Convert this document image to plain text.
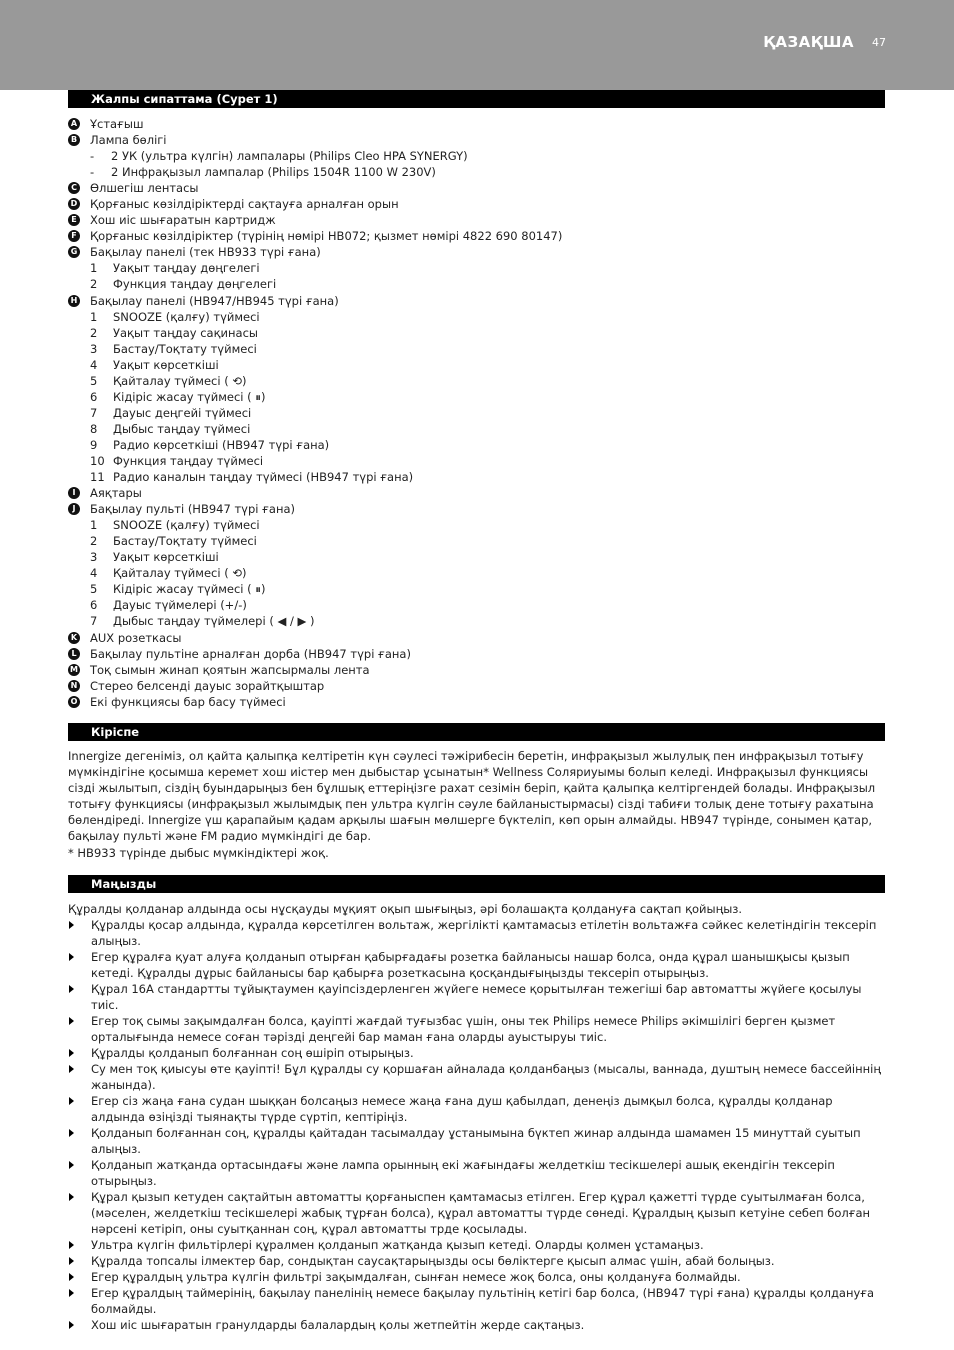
ҚАЗАҚША 47
Жалпы сипаттама (Сурет 1)
A Ұстағыш
B Лампа бөлігі
- 2 УК (ультра күлгін) лампалары (Philips Cleo HPA SYNERGY)
- 2 Инфрақызыл лампалар (Philips 1504R 1100 W 230V)
C Өлшегіш лентасы
D Қорғаныс көзілдіріктерді сақтауға арналған орын
E Хош иіс шығаратын картридж
F Қорғаныс көзілдіріктер (түрінің нөмірі HB072; қызмет нөмірі 4822 690 80147)
G Бақылау панелі (тек HB933 түрі ғана)
1 Уақыт таңдау дөңгелегі
2 Функция таңдау дөңгелегі
H Бақылау панелі (HB947/HB945 түрі ғана)
1 SNOOZE (қалғу) түймесі
2 Уақыт таңдау сақинасы
3 Бастау/Тоқтату түймесі
4 Уақыт көрсеткіші
5 Қайталау түймесі ( ⟲)
6 Кідіріс жасау түймесі ( ⏸)
7 Дауыс деңгейі түймесі
8 Дыбыс таңдау түймесі
9 Радио көрсеткіші (HB947 түрі ғана)
10 Функция таңдау түймесі
11 Радио каналын таңдау түймесі (HB947 түрі ғана)
I	Аяқтары
J	Бақылау пульті (HB947 түрі ғана)
1 SNOOZE (қалғу) түймесі
2 Бастау/Тоқтату түймесі
3 Уақыт көрсеткіші
4 Қайталау түймесі ( ⟲)
5 Кідіріс жасау түймесі ( ⏸)
6 Дауыс түймелері (+/-)
7 Дыбыс таңдау түймелері ( ◀ / ▶ )
K AUX розеткасы
L	Бақылау пультіне арналған дорба (HB947 түрі ғана)
M Тоқ сымын жинап қоятын жапсырмалы лента
N Стерео белсенді дауыс зорайтқыштар
O Екі функциясы бар басу түймесі
Кіріспе

Innergize дегеніміз, ол қайта қалыпқа келтіретін күн сәулесі тәжірибесін беретін, инфрақызыл жылулық пен инфрақызыл тотығу мүмкіндігіне қосымша керемет хош иістер мен дыбыстар ұсынатын* Wellness Соляриуымы болып келеді. Инфрақызыл функциясы сізді жылытып, сіздің буындарыңыз бен бұлшық еттеріңізге рахат сезімін беріп, қайта қалыпқа келтіргендей болады. Инфрақызыл тотығу функциясы (инфрақызыл жылымдық пен ультра күлгін сәуле байланыстырмасы) сізді табиғи толық дене тотығу рахатына бөлендіреді. Innergize үш қарапайым қадам арқылы шағын мөлшерге бүктеліп, көп орын алмайды. HB947 түрінде, сонымен қатар, бақылау пульті және FM радио мүмкіндігі де бар.

* HB933 түрінде дыбыс мүмкіндіктері жоқ.

Маңызды
Құралды қолданар алдында осы нұсқауды мұқият оқып шығыңыз, әрі болашақта қолдануға сақтап қойыңыз.
Құралды қосар алдында, құралда көрсетілген вольтаж, жергілікті қамтамасыз етілетін вольтажға сәйкес келетіндігін тексеріп алыңыз.
Егер құралға қуат алуға қолданып отырған қабырғадағы розетка байланысы нашар болса, онда құрал шанышқысы қызып кетеді. Құралды дұрыс байланысы бар қабырға розеткасына қосқандығыңызды тексеріп отырыңыз.
Құрал 16А стандартты тұйықтаумен қауіпсіздерленген жүйеге немесе қорытылған тежегіші бар автоматты жүйеге қосылуы тиіс.
Егер тоқ сымы зақымдалған болса, қауіпті жағдай туғызбас үшін, оны тек Philips немесе Philips әкімшілігі берген қызмет орталығында немесе соған тәрізді деңгейі бар маман ғана оларды ауыстыруы тиіс.
Құралды қолданып болғаннан соң өшіріп отырыңыз.
Су мен тоқ қиысуы өте қауіпті! Бұл құралды су қоршаған айналада қолданбаңыз (мысалы, ваннада, душтың немесе бассейіннің жанында).
Егер сіз жаңа ғана судан шыққан болсаңыз немесе жаңа ғана душ қабылдап, денеңіз дымқыл болса, құралды қолданар алдында өзіңізді тыянақты түрде сүртіп, кептіріңіз.
Қолданып болғаннан соң, құралды қайтадан тасымалдау ұстанымына бүктеп жинар алдында шамамен 15 минуттай суытып алыңыз.
Қолданып жатқанда ортасындағы және лампа орынның екі жағындағы желдеткіш тесікшелері ашық екендігін тексеріп отырыңыз.
Құрал қызып кетуден сақтайтын автоматты қорғаныспен қамтамасыз етілген. Егер құрал қажетті түрде суытылмаған болса, (мәселен, желдеткіш тесікшелері жабық тұрған болса), құрал автоматты түрде сөнеді. Құралдың қызып кетуіне себеп болған нәрсені кетіріп, оны суытқаннан соң, құрал автоматты трде қосылады.
Ультра күлгін фильтірлері құралмен қолданып жатқанда қызып кетеді. Оларды қолмен ұстамаңыз.
Құралда топсалы ілмектер бар, сондықтан саусақтарыңызды осы бөліктерге қысып алмас үшін, абай болыңыз.
Егер құралдың ультра күлгін фильтрі зақымдалған, сынған немесе жоқ болса, оны қолдануға болмайды.
Егер құралдың таймерінің, бақылау панелінің немесе бақылау пультінің кетігі бар болса, (HB947 түрі ғана) құралды қолдануға болмайды.
Хош иіс шығаратын гранулдарды балалардың қолы жетпейтін жерде сақтаңыз.
